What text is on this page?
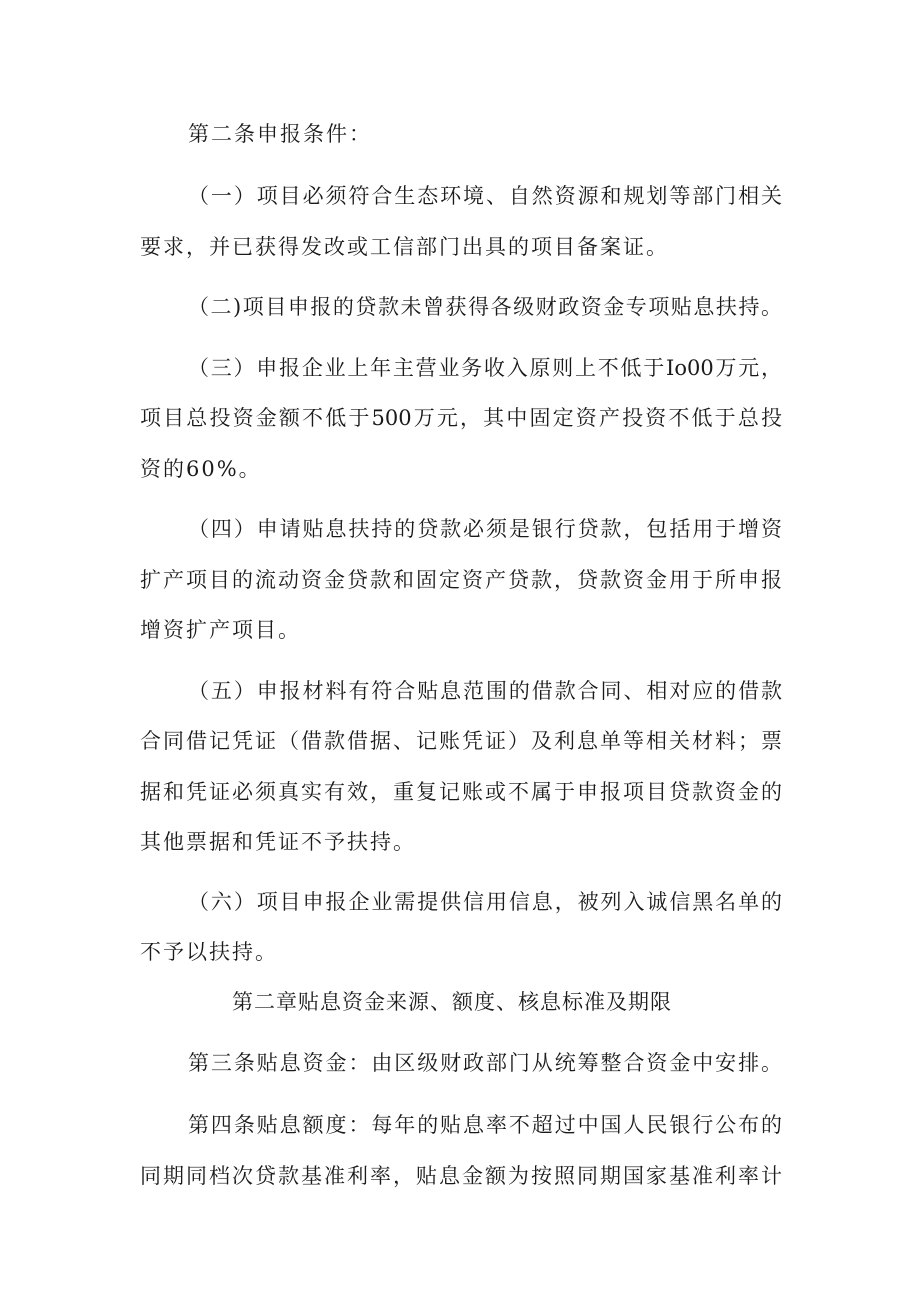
第二条申报条件：
（一）项目必须符合生态环境、自然资源和规划等部门相关
要求，并已获得发改或工信部门出具的项目备案证。
（二)项目申报的贷款未曾获得各级财政资金专项贴息扶持。
（三）申报企业上年主营业务收入原则上不低于Io00万元，
项目总投资金额不低于500万元，其中固定资产投资不低于总投
资的60%。
（四）申请贴息扶持的贷款必须是银行贷款，包括用于增资
扩产项目的流动资金贷款和固定资产贷款，贷款资金用于所申报
增资扩产项目。
（五）申报材料有符合贴息范围的借款合同、相对应的借款
合同借记凭证（借款借据、记账凭证）及利息单等相关材料；票
据和凭证必须真实有效，重复记账或不属于申报项目贷款资金的
其他票据和凭证不予扶持。
（六）项目申报企业需提供信用信息，被列入诚信黑名单的
不予以扶持。
第二章贴息资金来源、额度、核息标准及期限
第三条贴息资金：由区级财政部门从统筹整合资金中安排。
第四条贴息额度：每年的贴息率不超过中国人民银行公布的
同期同档次贷款基准利率，贴息金额为按照同期国家基准利率计
